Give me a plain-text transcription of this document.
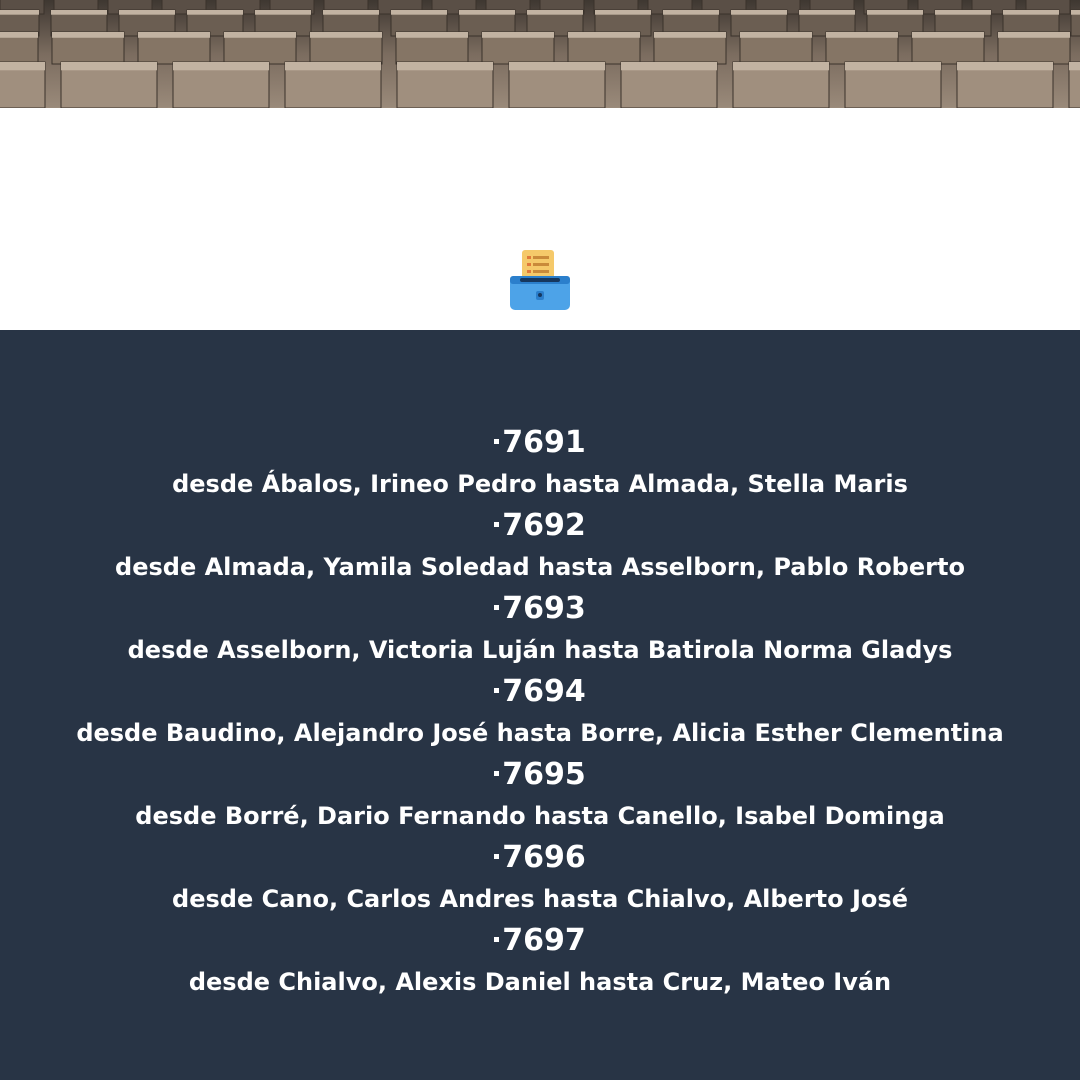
7691
desde Ábalos, Irineo Pedro hasta Almada, Stella Maris
7692
desde Almada, Yamila Soledad hasta Asselborn, Pablo Roberto
7693
desde Asselborn, Victoria Luján hasta Batirola Norma Gladys
7694
desde Baudino, Alejandro José hasta Borre, Alicia Esther Clementina
7695
desde Borré, Dario Fernando hasta Canello, Isabel Dominga
7696
desde Cano, Carlos Andres hasta Chialvo, Alberto José
7697
desde Chialvo, Alexis Daniel hasta Cruz, Mateo Iván
